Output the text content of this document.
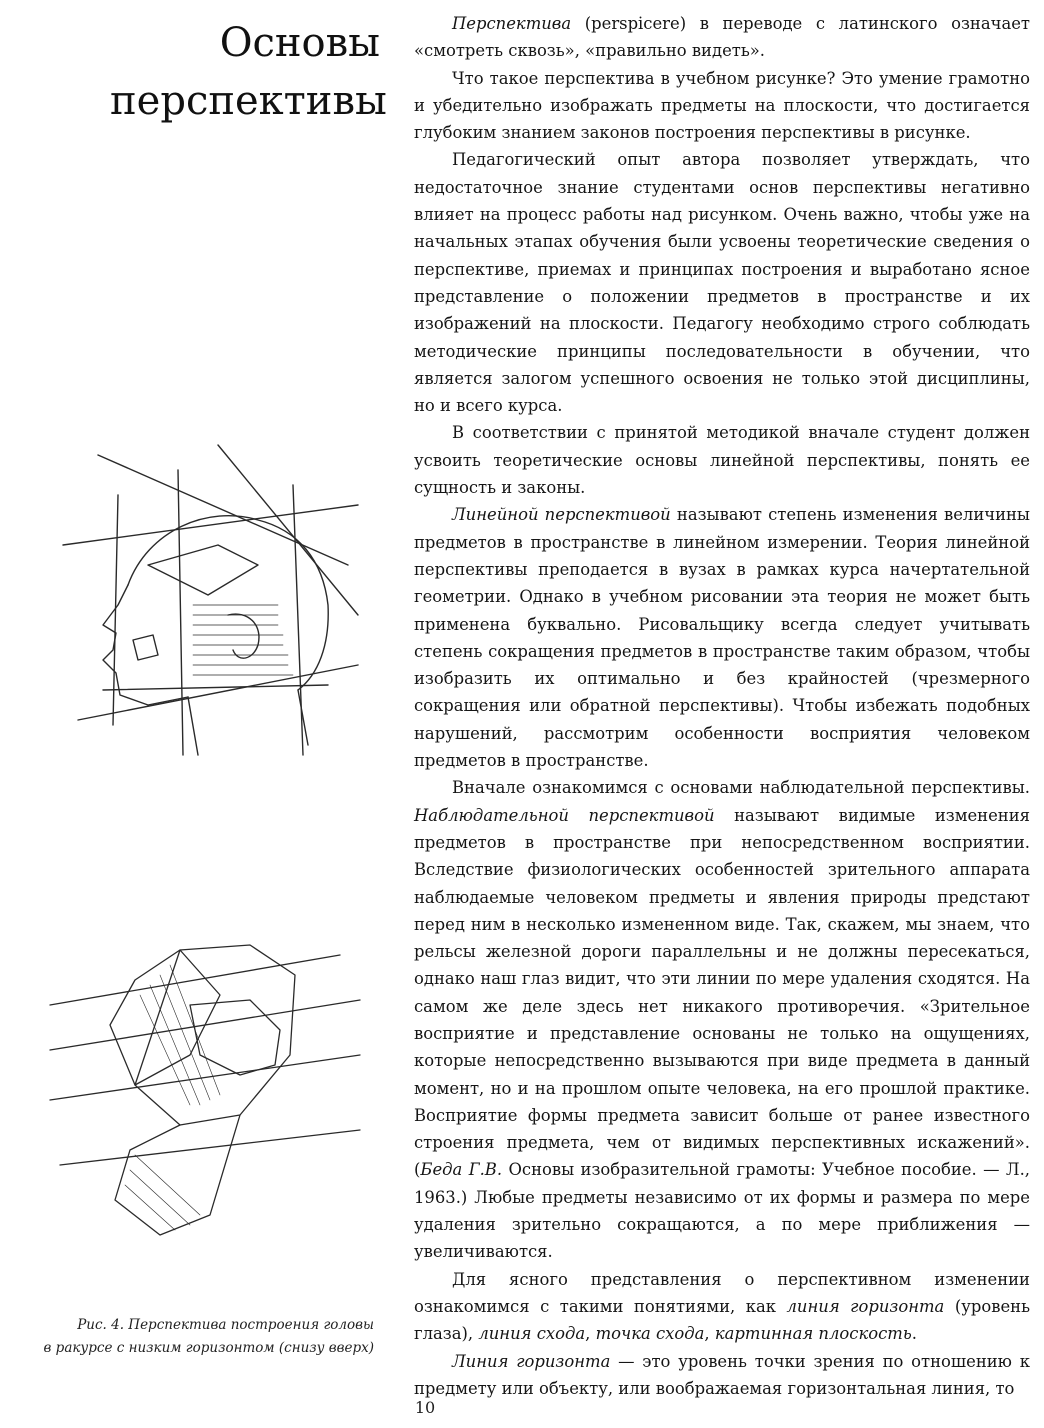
Основы перспективы
Рис. 4. Перспектива построения головы
в ракурсе с низким горизонтом (снизу вверх)

Перспектива (perspicere) в переводе с латинского означает «смотреть сквозь», «правильно видеть».

Что такое перспектива в учебном рисунке? Это умение грамотно и убедительно изображать предметы на плоскости, что достигается глубоким знанием законов построения перспективы в рисунке.

Педагогический опыт автора позволяет утверждать, что недостаточное знание студентами основ перспективы негативно влияет на процесс работы над рисунком. Очень важно, чтобы уже на начальных этапах обучения были усвоены теоретические сведения о перспективе, приемах и принципах построения и выработано ясное представление о положении предметов в пространстве и их изображений на плоскости. Педагогу необходимо строго соблюдать методические принципы последовательности в обучении, что является залогом успешного освоения не только этой дисциплины, но и всего курса.

В соответствии с принятой методикой вначале студент должен усвоить теоретические основы линейной перспективы, понять ее сущность и законы.

Линейной перспективой называют степень изменения величины предметов в пространстве в линейном измерении. Теория линейной перспективы преподается в вузах в рамках курса начертательной геометрии. Однако в учебном рисовании эта теория не может быть применена буквально. Рисовальщику всегда следует учитывать степень сокращения предметов в пространстве таким образом, чтобы изобразить их оптимально и без крайностей (чрезмерного сокращения или обратной перспективы). Чтобы избежать подобных нарушений, рассмотрим особенности восприятия человеком предметов в пространстве.

Вначале ознакомимся с основами наблюдательной перспективы. Наблюдательной перспективой называют видимые изменения предметов в пространстве при непосредственном восприятии. Вследствие физиологических особенностей зрительного аппарата наблюдаемые человеком предметы и явления природы предстают перед ним в несколько измененном виде. Так, скажем, мы знаем, что рельсы железной дороги параллельны и не должны пересекаться, однако наш глаз видит, что эти линии по мере удаления сходятся. На самом же деле здесь нет никакого противоречия. «Зрительное восприятие и представление основаны не только на ощущениях, которые непосредственно вызываются при виде предмета в данный момент, но и на прошлом опыте человека, на его прошлой практике. Восприятие формы предмета зависит больше от ранее известного строения предмета, чем от видимых перспективных искажений». (Беда Г.В. Основы изобразительной грамоты: Учебное пособие. — Л., 1963.) Любые предметы независимо от их формы и размера по мере удаления зрительно сокращаются, а по мере приближения — увеличиваются.

Для ясного представления о перспективном изменении ознакомимся с такими понятиями, как линия горизонта (уровень глаза), линия схода, точка схода, картинная плоскость.

Линия горизонта — это уровень точки зрения по отношению к предмету или объекту, или воображаемая горизонтальная линия, то

10
